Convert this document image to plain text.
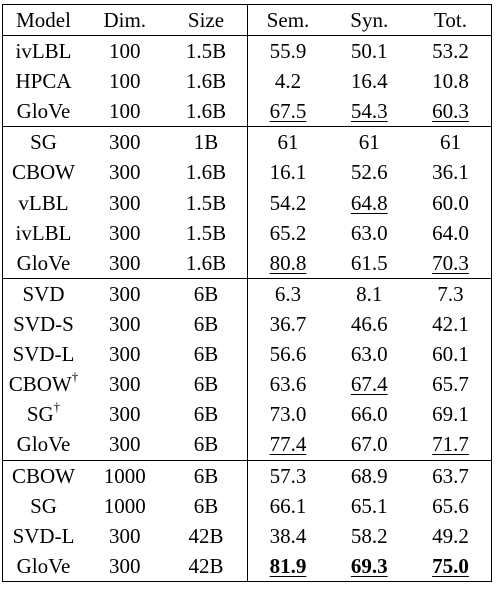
Model	Dim.	Size	Sem.	Syn.	Tot.
ivLBL	100	1.5B	55.9	50.1	53.2
HPCA	100	1.6B	4.2	16.4	10.8
GloVe	100	1.6B	67.5	54.3	60.3
SG	300	1B	61	61	61
CBOW	300	1.6B	16.1	52.6	36.1
vLBL	300	1.5B	54.2	64.8	60.0
ivLBL	300	1.5B	65.2	63.0	64.0
GloVe	300	1.6B	80.8	61.5	70.3
SVD	300	6B	6.3	8.1	7.3
SVD-S	300	6B	36.7	46.6	42.1
SVD-L	300	6B	56.6	63.0	60.1
CBOW†	300	6B	63.6	67.4	65.7
SG†	300	6B	73.0	66.0	69.1
GloVe	300	6B	77.4	67.0	71.7
CBOW	1000	6B	57.3	68.9	63.7
SG	1000	6B	66.1	65.1	65.6
SVD-L	300	42B	38.4	58.2	49.2
GloVe	300	42B	81.9	69.3	75.0
